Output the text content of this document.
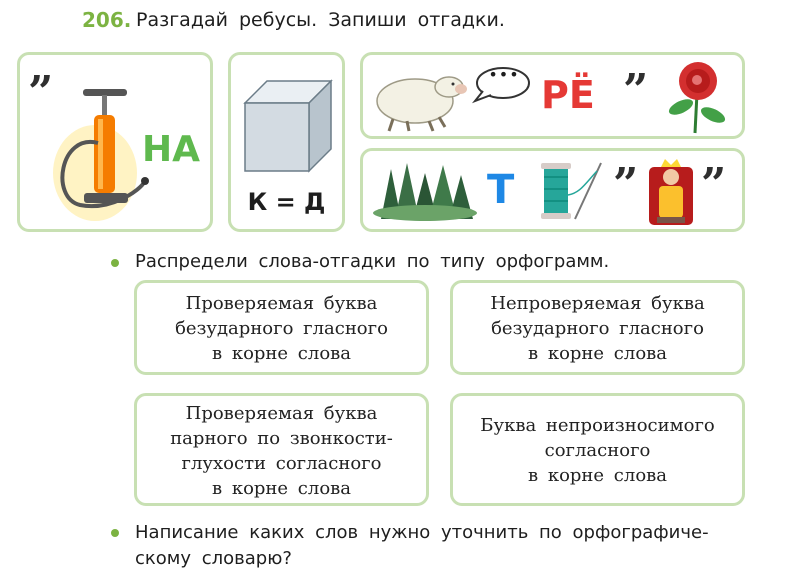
206. Разгадай ребусы. Запиши отгадки.
”
НА
К = Д
••• РЁ ”
Т ” ”
Распредели слова-отгадки по типу орфограмм.
Проверяемая буква
безударного гласного
в корне слова
Непроверяемая буква
безударного гласного
в корне слова
Проверяемая буква
парного по звонкости-
глухости согласного
в корне слова
Буква непроизносимого
согласного
в корне слова
Написание каких слов нужно уточнить по орфографиче-
скому словарю?
